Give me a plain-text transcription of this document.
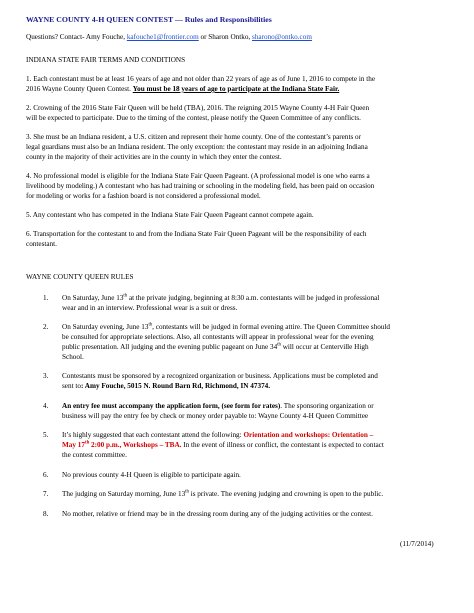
WAYNE COUNTY 4-H QUEEN CONTEST — Rules and Responsibilities
Questions? Contact- Amy Fouche, kafouche1@frontier.com or Sharon Ontko, sharono@ontko.com
INDIANA STATE FAIR TERMS AND CONDITIONS
1. Each contestant must be at least 16 years of age and not older than 22 years of age as of June 1, 2016 to compete in the
2016 Wayne County Queen Contest. You must be 18 years of age to participate at the Indiana State Fair.
2. Crowning of the 2016 State Fair Queen will be held (TBA), 2016. The reigning 2015 Wayne County 4-H Fair Queen
will be expected to participate. Due to the timing of the contest, please notify the Queen Committee of any conflicts.
3. She must be an Indiana resident, a U.S. citizen and represent their home county. One of the contestant’s parents or
legal guardians must also be an Indiana resident. The only exception: the contestant may reside in an adjoining Indiana
county in the majority of their activities are in the county in which they enter the contest.
4. No professional model is eligible for the Indiana State Fair Queen Pageant. (A professional model is one who earns a
livelihood by modeling.) A contestant who has had training or schooling in the modeling field, has been paid on occasion
for modeling or works for a fashion board is not considered a professional model.
5. Any contestant who has competed in the Indiana State Fair Queen Pageant cannot compete again.
6. Transportation for the contestant to and from the Indiana State Fair Queen Pageant will be the responsibility of each
contestant.
WAYNE COUNTY QUEEN RULES
1. On Saturday, June 13th at the private judging, beginning at 8:30 a.m. contestants will be judged in professional
wear and in an interview. Professional wear is a suit or dress.
2. On Saturday evening, June 13th, contestants will be judged in formal evening attire. The Queen Committee should
be consulted for appropriate selections. Also, all contestants will appear in professional wear for the evening
public presentation. All judging and the evening public pageant on June 34th will occur at Centerville High
School.
3. Contestants must be sponsored by a recognized organization or business. Applications must be completed and
sent to: Amy Fouche, 5015 N. Round Barn Rd, Richmond, IN 47374.
4. An entry fee must accompany the application form, (see form for rates). The sponsoring organization or
business will pay the entry fee by check or money order payable to: Wayne County 4-H Queen Committee
5. It’s highly suggested that each contestant attend the following: Orientation and workshops: Orientation –
May 17th 2:00 p.m., Workshops – TBA. In the event of illness or conflict, the contestant is expected to contact
the contest committee.
6. No previous county 4-H Queen is eligible to participate again.
7. The judging on Saturday morning, June 13th is private. The evening judging and crowning is open to the public.
8. No mother, relative or friend may be in the dressing room during any of the judging activities or the contest.
(11/7/2014)
